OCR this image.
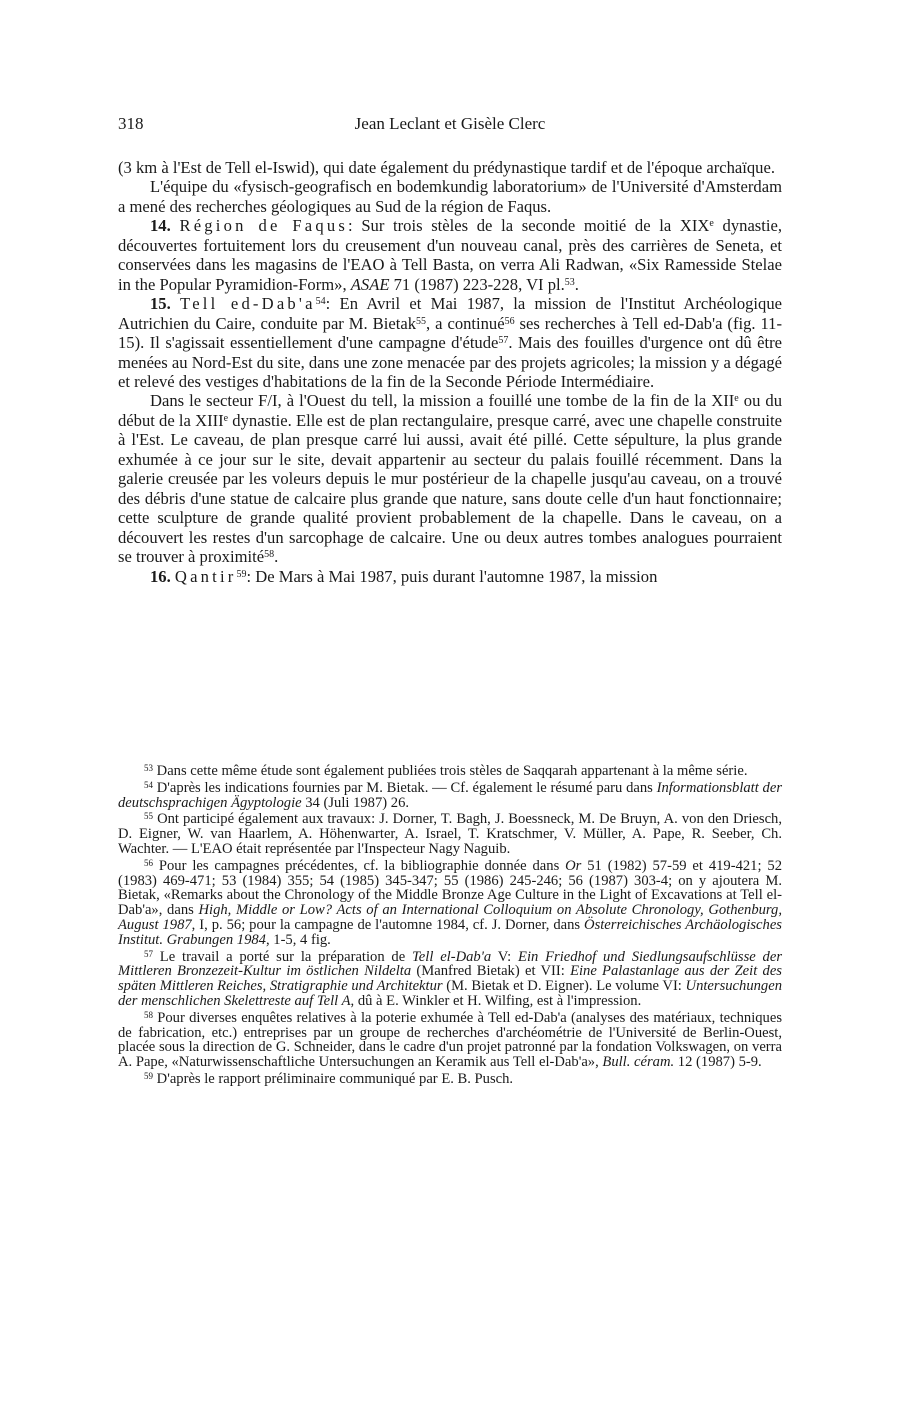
318	Jean Leclant et Gisèle Clerc

(3 km à l'Est de Tell el-Iswid), qui date également du prédynastique tardif et de l'époque archaïque.

L'équipe du «fysisch-geografisch en bodemkundig laboratorium» de l'Université d'Amsterdam a mené des recherches géologiques au Sud de la région de Faqus.

14. Région de Faqus: Sur trois stèles de la seconde moitié de la XIXe dynastie, découvertes fortuitement lors du creusement d'un nouveau canal, près des carrières de Seneta, et conservées dans les magasins de l'EAO à Tell Basta, on verra Ali Radwan, «Six Ramesside Stelae in the Popular Pyramidion-Form», ASAE 71 (1987) 223-228, VI pl.$^{53}$.

15. Tell $ed-Dab'a^{54}$: En Avril et Mai 1987, la mission de l'Institut Archéologique Autrichien du Caire, conduite par M. Bietak$^{55}$, a continué$^{56}$ ses recherches à Tell ed-Dab'a (fig. 11-15). Il s'agissait essentiellement d'une campagne d'étude$^{57}$. Mais des fouilles d'urgence ont dû être menées au Nord-Est du site, dans une zone menacée par des projets agricoles; la mission y a dégagé et relevé des vestiges d'habitations de la fin de la Seconde Période Intermédiaire.

Dans le secteur F/I, à l'Ouest du tell, la mission a fouillé une tombe de la fin de la XIIe ou du début de la XIIIe dynastie. Elle est de plan rectangulaire, presque carré, avec une chapelle construite à l'Est. Le caveau, de plan presque carré lui aussi, avait été pillé. Cette sépulture, la plus grande exhumée à ce jour sur le site, devait appartenir au secteur du palais fouillé récemment. Dans la galerie creusée par les voleurs depuis le mur postérieur de la chapelle jusqu'au caveau, on a trouvé des débris d'une statue de calcaire plus grande que nature, sans doute celle d'un haut fonctionnaire; cette sculpture de grande qualité provient probablement de la chapelle. Dans le caveau, on a découvert les restes d'un sarcophage de calcaire. Une ou deux autres tombes analogues pourraient se trouver à proximité$^{58}$.

16. Qantir$^{59}$: De Mars à Mai 1987, puis durant l'automne 1987, la mission

$^{53}$ Dans cette même étude sont également publiées trois stèles de Saqqarah appartenant à la même série.

$^{54}$ D'après les indications fournies par M. Bietak. — Cf. également le résumé paru dans Informationsblatt der deutschsprachigen Ägyptologie 34 (Juli 1987) 26.

$^{55}$ Ont participé également aux travaux: J. Dorner, T. Bagh, J. Boessneck, M. De Bruyn, A. von den Driesch, D. Eigner, W. van Haarlem, A. Höhenwarter, A. Israel, T. Kratschmer, V. Müller, A. Pape, R. Seeber, Ch. Wachter. — L'EAO était représentée par l'Inspecteur Nagy Naguib.

$^{56}$ Pour les campagnes précédentes, cf. la bibliographie donnée dans Or 51 (1982) 57-59 et 419-421; 52 (1983) 469-471; 53 (1984) 355; 54 (1985) 345-347; 55 (1986) 245-246; 56 (1987) 303-4; on y ajoutera M. Bietak, «Remarks about the Chronology of the Middle Bronze Age Culture in the Light of Excavations at Tell el-Dab'a», dans High, Middle or Low? Acts of an International Colloquium on Absolute Chronology, Gothenburg, August 1987, I, p. 56; pour la campagne de l'automne 1984, cf. J. Dorner, dans Österreichisches Archäologisches Institut. Grabungen 1984, 1-5, 4 fig.

$^{57}$ Le travail a porté sur la préparation de Tell el-Dab'a V: Ein Friedhof und Siedlungsaufschlüsse der Mittleren Bronzezeit-Kultur im östlichen Nildelta (Manfred Bietak) et VII: Eine Palastanlage aus der Zeit des späten Mittleren Reiches, Stratigraphie und Architektur (M. Bietak et D. Eigner). Le volume VI: Untersuchungen der menschlichen Skelettreste auf Tell A, dû à E. Winkler et H. Wilfing, est à l'impression.

$^{58}$ Pour diverses enquêtes relatives à la poterie exhumée à Tell ed-Dab'a (analyses des matériaux, techniques de fabrication, etc.) entreprises par un groupe de recherches d'archéométrie de l'Université de Berlin-Ouest, placée sous la direction de G. Schneider, dans le cadre d'un projet patronné par la fondation Volkswagen, on verra A. Pape, «Naturwissenschaftliche Untersuchungen an Keramik aus Tell el-Dab'a», Bull. céram. 12 (1987) 5-9.

$^{59}$ D'après le rapport préliminaire communiqué par E. B. Pusch.
